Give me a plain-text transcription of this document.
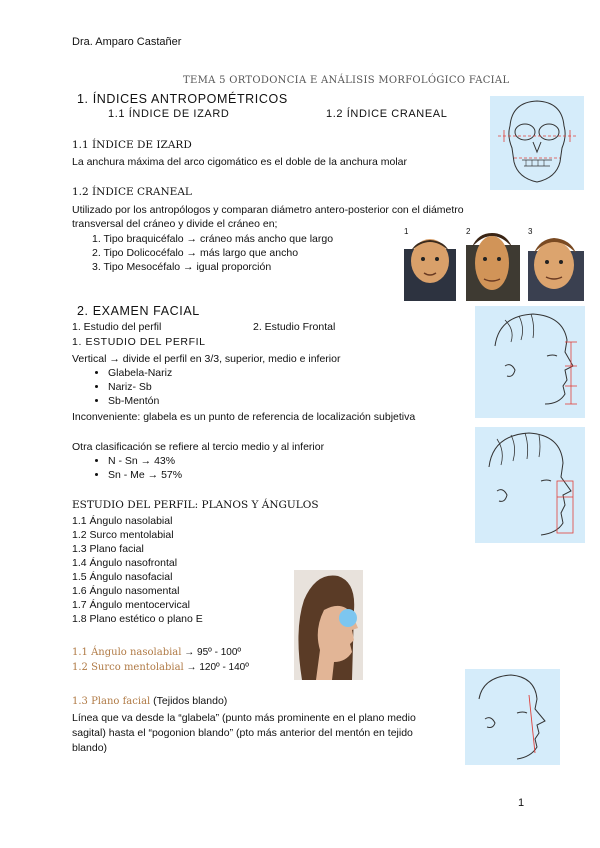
Dra. Amparo Castañer
TEMA 5 ORTODONCIA E ANÁLISIS MORFOLÓGICO FACIAL
1. ÍNDICES ANTROPOMÉTRICOS
1.1 ÍNDICE DE IZARD	1.2 ÍNDICE CRANEAL
1.1 ÍNDICE DE IZARD
La anchura máxima del arco cigomático es el doble de la anchura molar
1.2 ÍNDICE CRANEAL
Utilizado por los antropólogos y comparan diámetro antero-posterior con el diámetro
transversal del cráneo y divide el cráneo en;
1. Tipo braquicéfalo → cráneo más ancho que largo
2. Tipo Dolicocéfalo → más largo que ancho
3. Tipo Mesocéfalo → igual proporción
1	2	3
2. EXAMEN FACIAL
1. Estudio del perfil	2. Estudio Frontal
1. ESTUDIO DEL PERFIL
Vertical → divide el perfil en 3/3, superior, medio e inferior
• Glabela-Nariz
• Nariz- Sb
• Sb-Mentón
Inconveniente: glabela es un punto de referencia de localización subjetiva
Otra clasificación se refiere al tercio medio y al inferior
• N - Sn → 43%
• Sn - Me → 57%
ESTUDIO DEL PERFIL: PLANOS Y ÁNGULOS
1.1 Ángulo nasolabial
1.2 Surco mentolabial
1.3 Plano facial
1.4 Ángulo nasofrontal
1.5 Ángulo nasofacial
1.6 Ángulo nasomental
1.7 Ángulo mentocervical
1.8 Plano estético o plano E
1.1 Ángulo nasolabial → 95º - 100º
1.2 Surco mentolabial → 120º - 140º
1.3 Plano facial (Tejidos blando)
Línea que va desde la “glabela” (punto más prominente en el plano medio
sagital) hasta el “pogonion blando” (pto más anterior del mentón en tejido
blando)
1
